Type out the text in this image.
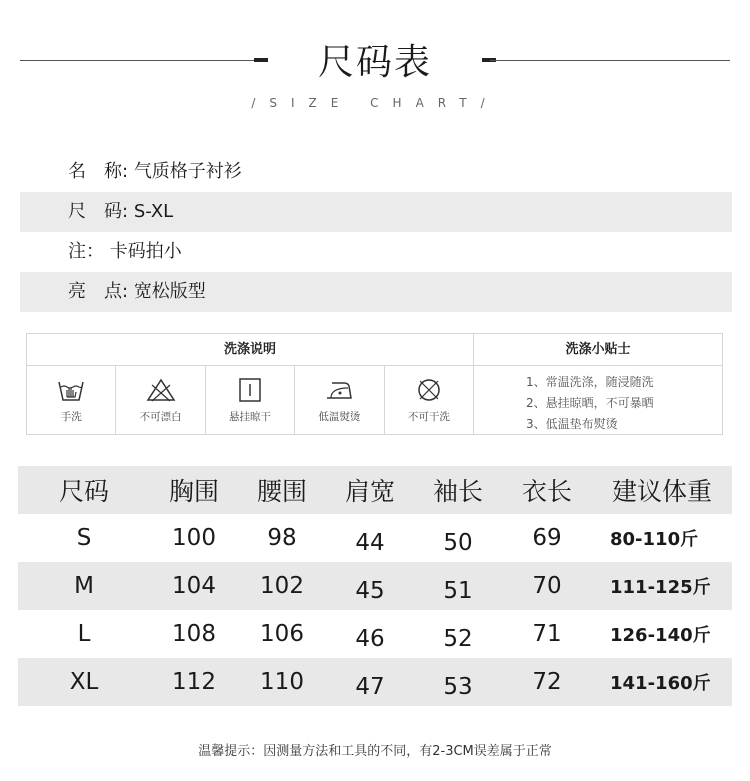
尺码表
/SIZE CHART/
名　称: 气质格子衬衫
尺　码: S-XL
注： 卡码拍小
亮　点: 宽松版型
洗涤说明
手洗	不可漂白	悬挂晾干	低温熨烫	不可干洗
洗涤小贴士
1、常温洗涤，随浸随洗
2、悬挂晾晒，不可暴晒
3、低温垫布熨烫
尺码	胸围	腰围	肩宽	袖长	衣长	建议体重
S	100	98	44	50	69	80-110斤
M	104	102	45	51	70	111-125斤
L	108	106	46	52	71	126-140斤
XL	112	110	47	53	72	141-160斤
温馨提示：因测量方法和工具的不同，有2-3CM误差属于正常
